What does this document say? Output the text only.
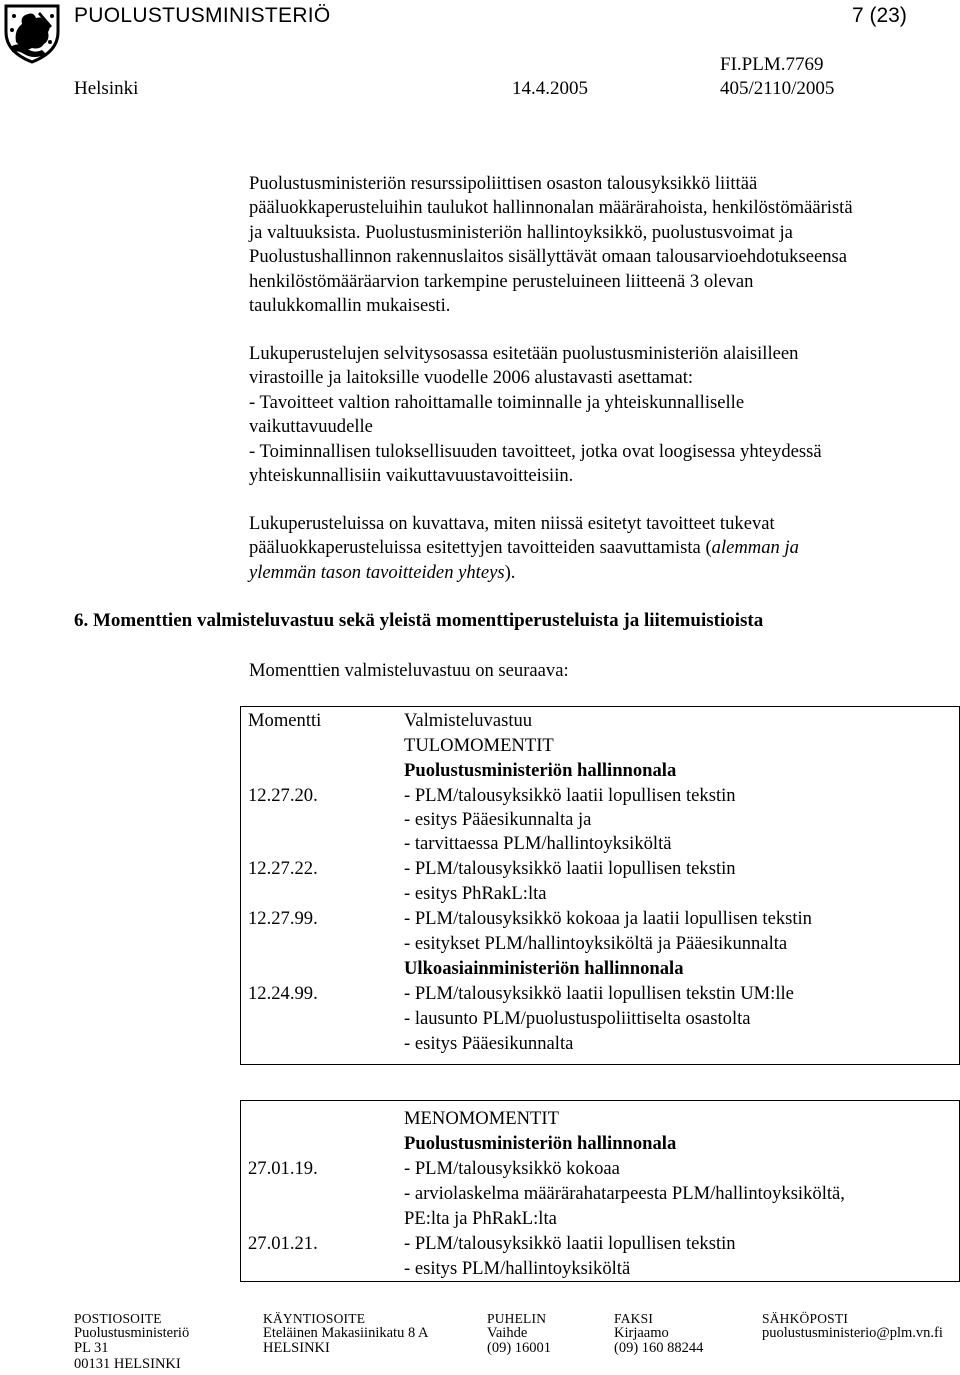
PUOLUSTUSMINISTERIÖ	7 (23)
FI.PLM.7769
Helsinki	14.4.2005	405/2110/2005

Puolustusministeriön resurssipoliittisen osaston talousyksikkö liittää

pääluokkaperusteluihin taulukot hallinnonalan määrärahoista, henkilöstömääristä

ja valtuuksista. Puolustusministeriön hallintoyksikkö, puolustusvoimat ja

Puolustushallinnon rakennuslaitos sisällyttävät omaan talousarvioehdotukseensa

henkilöstömääräarvion tarkempine perusteluineen liitteenä 3 olevan

taulukkomallin mukaisesti.

Lukuperustelujen selvitysosassa esitetään puolustusministeriön alaisilleen

virastoille ja laitoksille vuodelle 2006 alustavasti asettamat:

- Tavoitteet valtion rahoittamalle toiminnalle ja yhteiskunnalliselle

vaikuttavuudelle

- Toiminnallisen tuloksellisuuden tavoitteet, jotka ovat loogisessa yhteydessä

yhteiskunnallisiin vaikuttavuustavoitteisiin.

Lukuperusteluissa on kuvattava, miten niissä esitetyt tavoitteet tukevat

pääluokkaperusteluissa esitettyjen tavoitteiden saavuttamista (alemman ja

ylemmän tason tavoitteiden yhteys).

6. Momenttien valmisteluvastuu sekä yleistä momenttiperusteluista ja liitemuistioista
Momenttien valmisteluvastuu on seuraava:
Momentti	Valmisteluvastuu
TULOMOMENTIT
Puolustusministeriön hallinnonala
12.27.20.	- PLM/talousyksikkö laatii lopullisen tekstin
- esitys Pääesikunnalta ja
- tarvittaessa PLM/hallintoyksiköltä
12.27.22.	- PLM/talousyksikkö laatii lopullisen tekstin
- esitys PhRakL:lta
12.27.99.	- PLM/talousyksikkö kokoaa ja laatii lopullisen tekstin
- esitykset PLM/hallintoyksiköltä ja Pääesikunnalta
Ulkoasiainministeriön hallinnonala
12.24.99.	- PLM/talousyksikkö laatii lopullisen tekstin UM:lle
- lausunto PLM/puolustuspoliittiselta osastolta
- esitys Pääesikunnalta
MENOMOMENTIT
Puolustusministeriön hallinnonala
27.01.19.	- PLM/talousyksikkö kokoaa
- arviolaskelma määrärahatarpeesta PLM/hallintoyksiköltä,
PE:lta ja PhRakL:lta
27.01.21.	- PLM/talousyksikkö laatii lopullisen tekstin
- esitys PLM/hallintoyksiköltä
POSTIOSOITE
Puolustusministeriö
PL 31
00131 HELSINKI
KÄYNTIOSOITE
Eteläinen Makasiinikatu 8 A
HELSINKI
PUHELIN
Vaihde
(09) 16001
FAKSI
Kirjaamo
(09) 160 88244
SÄHKÖPOSTI
puolustusministerio@plm.vn.fi
